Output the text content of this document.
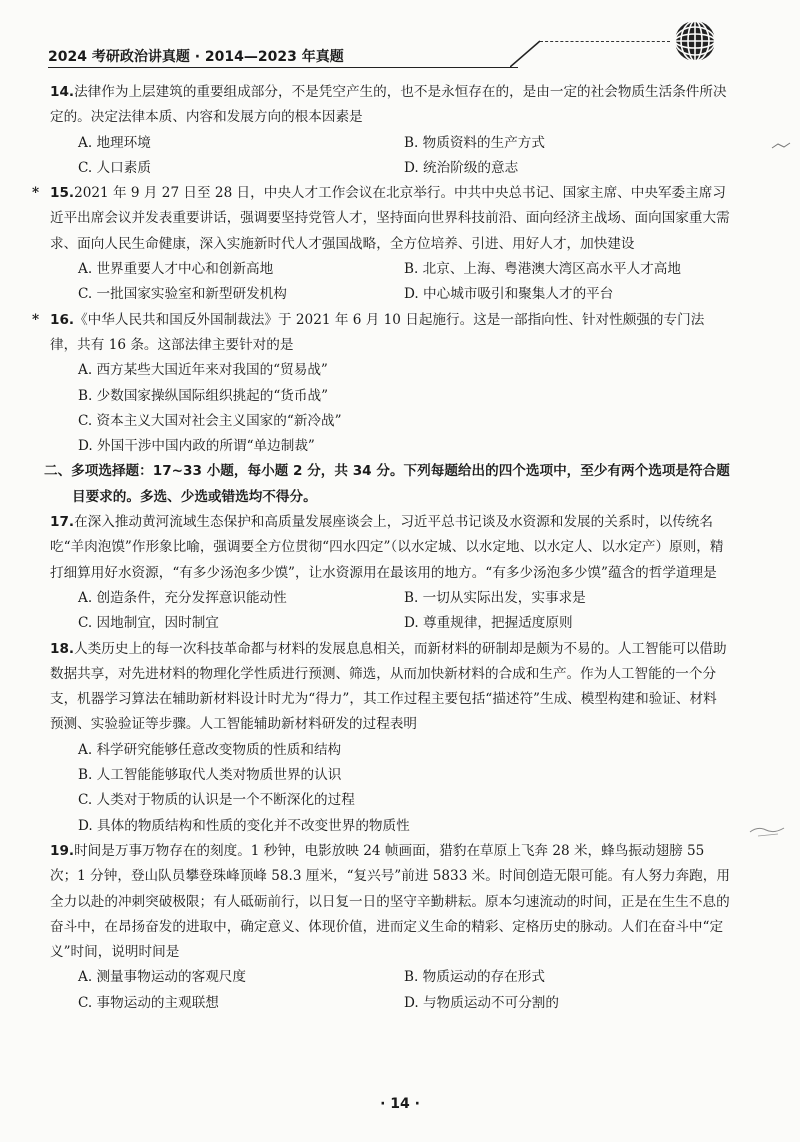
2024 考研政治讲真题 · 2014—2023 年真题
14.法律作为上层建筑的重要组成部分，不是凭空产生的，也不是永恒存在的，是由一定的社会物质生活条件所决定的。决定法律本质、内容和发展方向的根本因素是
A. 地理环境	B. 物质资料的生产方式
C. 人口素质	D. 统治阶级的意志
* 15.2021 年 9 月 27 日至 28 日，中央人才工作会议在北京举行。中共中央总书记、国家主席、中央军委主席习近平出席会议并发表重要讲话，强调要坚持党管人才，坚持面向世界科技前沿、面向经济主战场、面向国家重大需求、面向人民生命健康，深入实施新时代人才强国战略，全方位培养、引进、用好人才，加快建设
A. 世界重要人才中心和创新高地	B. 北京、上海、粤港澳大湾区高水平人才高地
C. 一批国家实验室和新型研发机构	D. 中心城市吸引和聚集人才的平台
* 16.《中华人民共和国反外国制裁法》于 2021 年 6 月 10 日起施行。这是一部指向性、针对性颇强的专门法律，共有 16 条。这部法律主要针对的是
A. 西方某些大国近年来对我国的“贸易战”
B. 少数国家操纵国际组织挑起的“货币战”
C. 资本主义大国对社会主义国家的“新冷战”
D. 外国干涉中国内政的所谓“单边制裁”
二、多项选择题：17~33 小题，每小题 2 分，共 34 分。下列每题给出的四个选项中，至少有两个选项是符合题目要求的。多选、少选或错选均不得分。
17.在深入推动黄河流域生态保护和高质量发展座谈会上，习近平总书记谈及水资源和发展的关系时，以传统名吃“羊肉泡馍”作形象比喻，强调要全方位贯彻“四水四定”（以水定城、以水定地、以水定人、以水定产）原则，精打细算用好水资源，“有多少汤泡多少馍”，让水资源用在最该用的地方。“有多少汤泡多少馍”蕴含的哲学道理是
A. 创造条件，充分发挥意识能动性	B. 一切从实际出发，实事求是
C. 因地制宜，因时制宜	D. 尊重规律，把握适度原则
18.人类历史上的每一次科技革命都与材料的发展息息相关，而新材料的研制却是颇为不易的。人工智能可以借助数据共享，对先进材料的物理化学性质进行预测、筛选，从而加快新材料的合成和生产。作为人工智能的一个分支，机器学习算法在辅助新材料设计时尤为“得力”，其工作过程主要包括“描述符”生成、模型构建和验证、材料预测、实验验证等步骤。人工智能辅助新材料研发的过程表明
A. 科学研究能够任意改变物质的性质和结构
B. 人工智能能够取代人类对物质世界的认识
C. 人类对于物质的认识是一个不断深化的过程
D. 具体的物质结构和性质的变化并不改变世界的物质性
19.时间是万事万物存在的刻度。1 秒钟，电影放映 24 帧画面，猎豹在草原上飞奔 28 米，蜂鸟振动翅膀 55 次；1 分钟，登山队员攀登珠峰顶峰 58.3 厘米，“复兴号”前进 5833 米。时间创造无限可能。有人努力奔跑，用全力以赴的冲刺突破极限；有人砥砺前行，以日复一日的坚守辛勤耕耘。原本匀速流动的时间，正是在生生不息的奋斗中，在昂扬奋发的进取中，确定意义、体现价值，进而定义生命的精彩、定格历史的脉动。人们在奋斗中“定义”时间，说明时间是
A. 测量事物运动的客观尺度	B. 物质运动的存在形式
C. 事物运动的主观联想	D. 与物质运动不可分割的
· 14 ·
